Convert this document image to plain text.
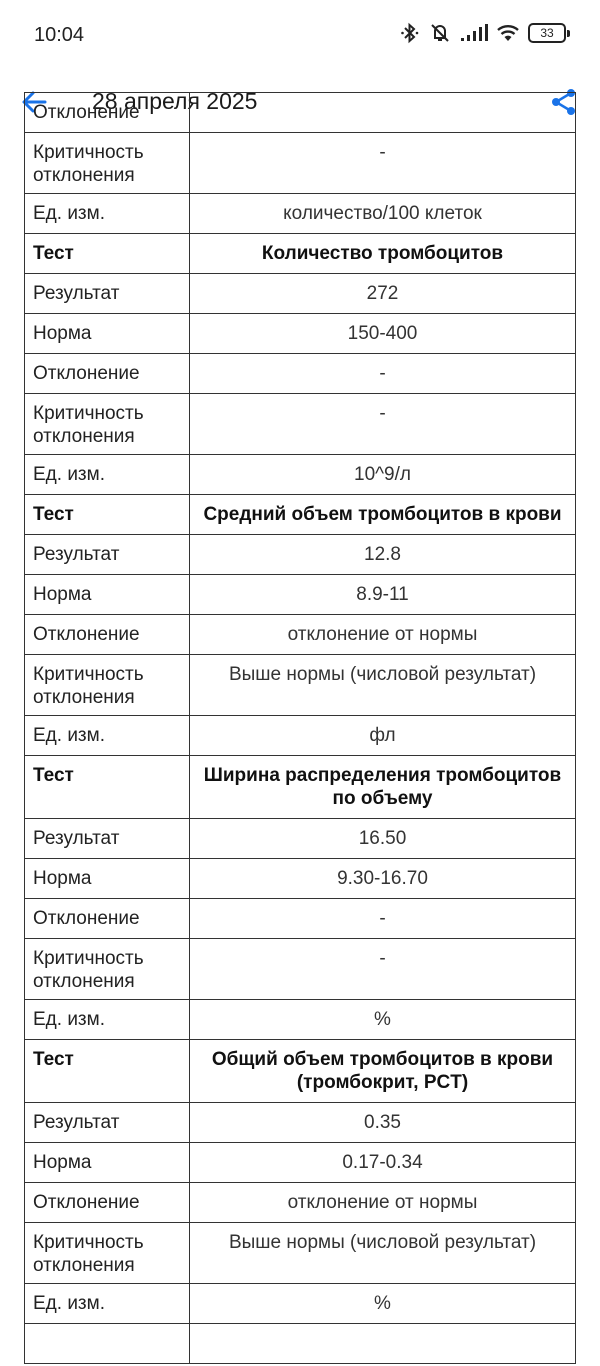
10:04	33
28 апреля 2025
Отклонение	
Критичность отклонения	-
Ед. изм.	количество/100 клеток
Тест	Количество тромбоцитов
Результат	272
Норма	150-400
Отклонение	-
Критичность отклонения	-
Ед. изм.	10^9/л
Тест	Средний объем тромбоцитов в крови
Результат	12.8
Норма	8.9-11
Отклонение	отклонение от нормы
Критичность отклонения	Выше нормы (числовой результат)
Ед. изм.	фл
Тест	Ширина распределения тромбоцитов по объему
Результат	16.50
Норма	9.30-16.70
Отклонение	-
Критичность отклонения	-
Ед. изм.	%
Тест	Общий объем тромбоцитов в крови (тромбокрит, PCT)
Результат	0.35
Норма	0.17-0.34
Отклонение	отклонение от нормы
Критичность отклонения	Выше нормы (числовой результат)
Ед. изм.	%
